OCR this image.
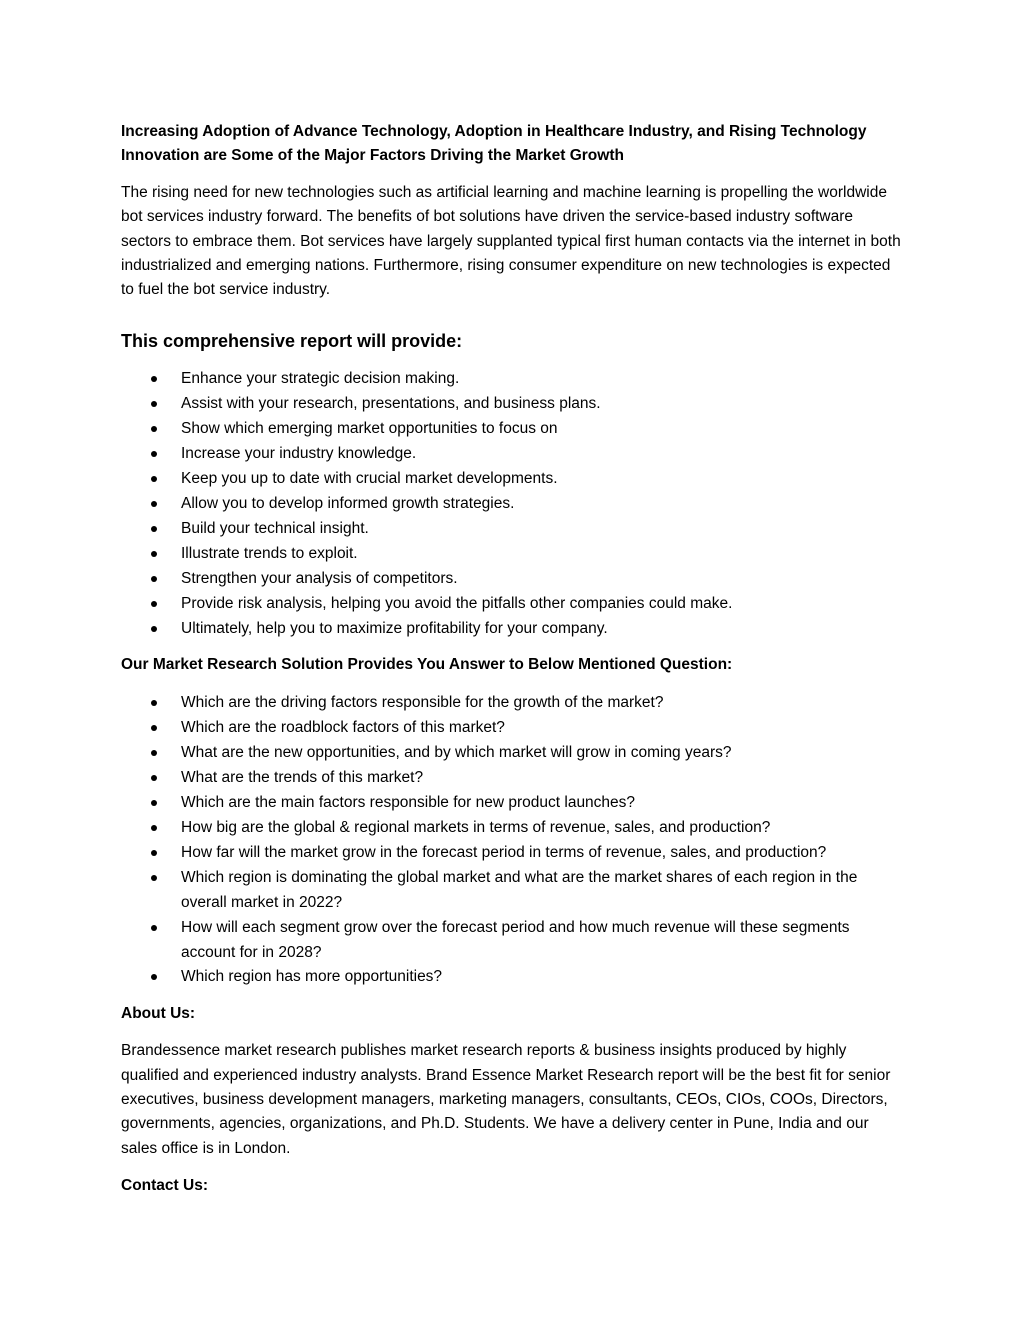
Increasing Adoption of Advance Technology, Adoption in Healthcare Industry, and Rising Technology Innovation are Some of the Major Factors Driving the Market Growth

The rising need for new technologies such as artificial learning and machine learning is propelling the worldwide bot services industry forward. The benefits of bot solutions have driven the service-based industry software sectors to embrace them. Bot services have largely supplanted typical first human contacts via the internet in both industrialized and emerging nations. Furthermore, rising consumer expenditure on new technologies is expected to fuel the bot service industry.

This comprehensive report will provide:

Enhance your strategic decision making.
Assist with your research, presentations, and business plans.
Show which emerging market opportunities to focus on
Increase your industry knowledge.
Keep you up to date with crucial market developments.
Allow you to develop informed growth strategies.
Build your technical insight.
Illustrate trends to exploit.
Strengthen your analysis of competitors.
Provide risk analysis, helping you avoid the pitfalls other companies could make.
Ultimately, help you to maximize profitability for your company.

Our Market Research Solution Provides You Answer to Below Mentioned Question:

Which are the driving factors responsible for the growth of the market?
Which are the roadblock factors of this market?
What are the new opportunities, and by which market will grow in coming years?
What are the trends of this market?
Which are the main factors responsible for new product launches?
How big are the global & regional markets in terms of revenue, sales, and production?
How far will the market grow in the forecast period in terms of revenue, sales, and production?
Which region is dominating the global market and what are the market shares of each region in the   overall market in 2022?
How will each segment grow over the forecast period and how much revenue will these segments account for in 2028?
Which region has more opportunities?

About Us:

Brandessence market research publishes market research reports & business insights produced by highly qualified and experienced industry analysts. Brand Essence Market Research report will be the best fit for senior executives, business development managers, marketing managers, consultants, CEOs, CIOs, COOs, Directors, governments, agencies, organizations, and Ph.D. Students. We have a delivery center in Pune, India and our sales office is in London.

Contact Us:
